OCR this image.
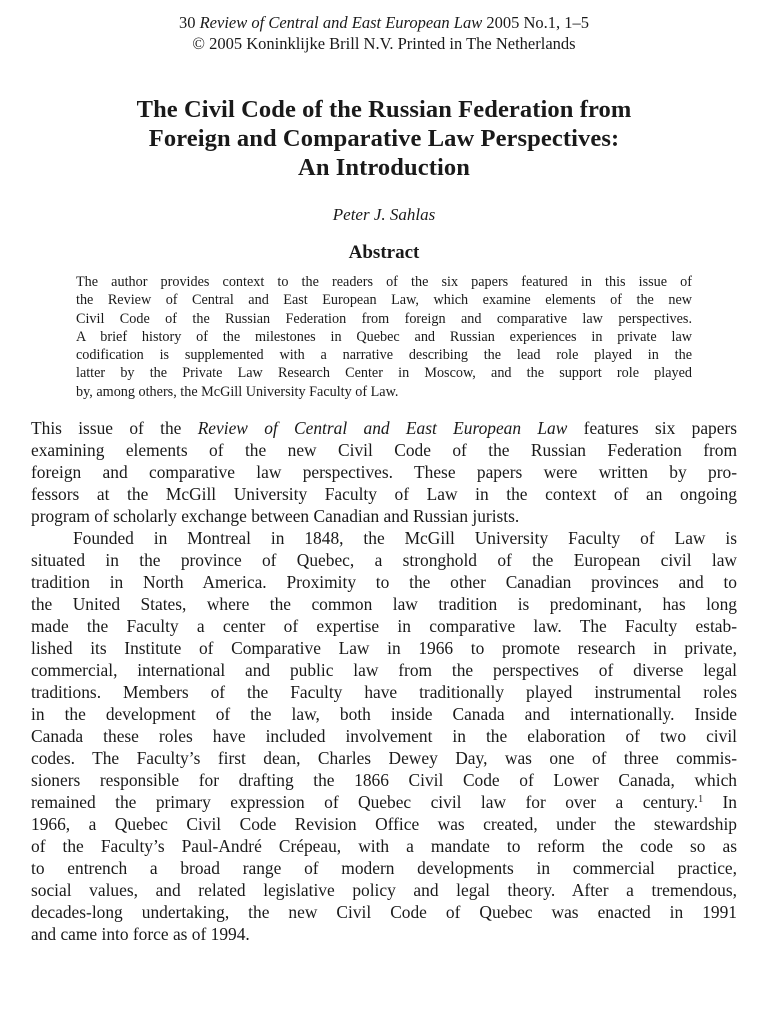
30 Review of Central and East European Law 2005 No.1, 1–5

© 2005 Koninklijke Brill N.V. Printed in The Netherlands

The Civil Code of the Russian Federation from
Foreign and Comparative Law Perspectives:
An Introduction

Peter J. Sahlas

Abstract
The author provides context to the readers of the six papers featured in this issue of
the Review of Central and East European Law, which examine elements of the new
Civil Code of the Russian Federation from foreign and comparative law perspectives.
A brief history of the milestones in Quebec and Russian experiences in private law
codification is supplemented with a narrative describing the lead role played in the
latter by the Private Law Research Center in Moscow, and the support role played
by, among others, the McGill University Faculty of Law.
This issue of the Review of Central and East European Law features six papers
examining elements of the new Civil Code of the Russian Federation from
foreign and comparative law perspectives. These papers were written by pro-
fessors at the McGill University Faculty of Law in the context of an ongoing
program of scholarly exchange between Canadian and Russian jurists.
Founded in Montreal in 1848, the McGill University Faculty of Law is
situated in the province of Quebec, a stronghold of the European civil law
tradition in North America. Proximity to the other Canadian provinces and to
the United States, where the common law tradition is predominant, has long
made the Faculty a center of expertise in comparative law. The Faculty estab-
lished its Institute of Comparative Law in 1966 to promote research in private,
commercial, international and public law from the perspectives of diverse legal
traditions. Members of the Faculty have traditionally played instrumental roles
in the development of the law, both inside Canada and internationally. Inside
Canada these roles have included involvement in the elaboration of two civil
codes. The Faculty’s first dean, Charles Dewey Day, was one of three commis-
sioners responsible for drafting the 1866 Civil Code of Lower Canada, which
remained the primary expression of Quebec civil law for over a century.$^1$ In
1966, a Quebec Civil Code Revision Office was created, under the stewardship
of the Faculty’s Paul-André Crépeau, with a mandate to reform the code so as
to entrench a broad range of modern developments in commercial practice,
social values, and related legislative policy and legal theory. After a tremendous,
decades-long undertaking, the new Civil Code of Quebec was enacted in 1991
and came into force as of 1994.
